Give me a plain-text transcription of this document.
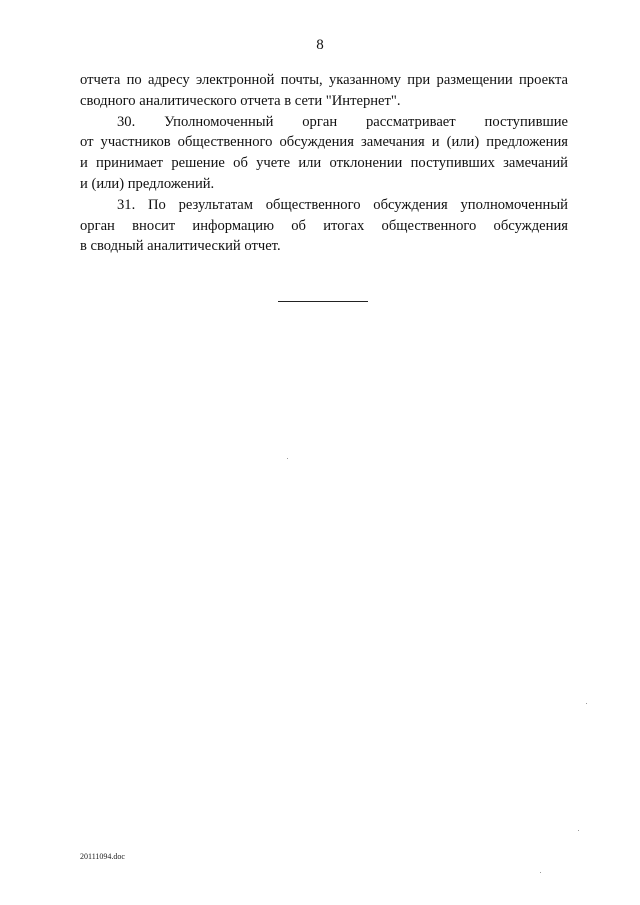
8
отчета по адресу электронной почты, указанному при размещении проекта
сводного аналитического отчета в сети "Интернет".
30. Уполномоченный орган рассматривает поступившие
от участников общественного обсуждения замечания и (или) предложения
и принимает решение об учете или отклонении поступивших замечаний
и (или) предложений.
31. По результатам общественного обсуждения уполномоченный
орган вносит информацию об итогах общественного обсуждения
в сводный аналитический отчет.
20111094.doc
